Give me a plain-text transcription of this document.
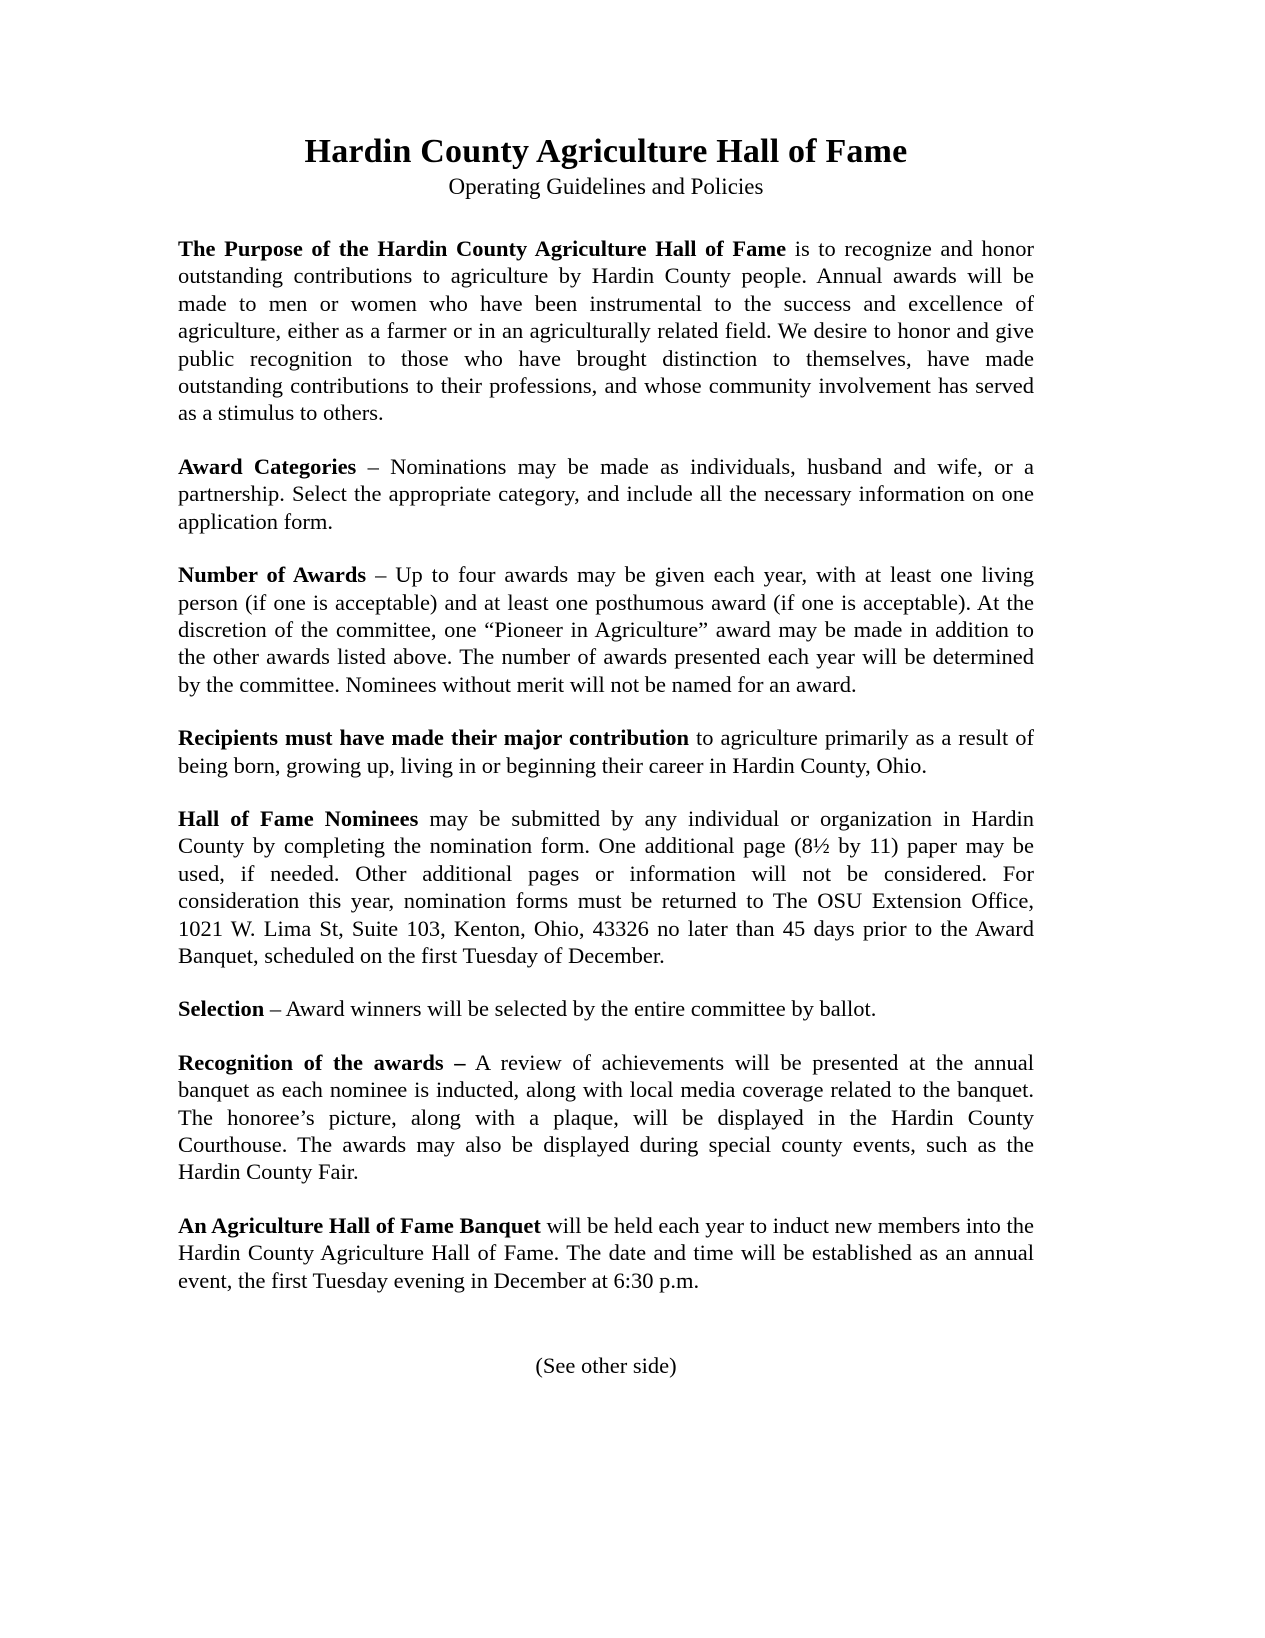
Hardin County Agriculture Hall of Fame
Operating Guidelines and Policies

The Purpose of the Hardin County Agriculture Hall of Fame is to recognize and honor outstanding contributions to agriculture by Hardin County people. Annual awards will be made to men or women who have been instrumental to the success and excellence of agriculture, either as a farmer or in an agriculturally related field. We desire to honor and give public recognition to those who have brought distinction to themselves, have made outstanding contributions to their professions, and whose community involvement has served as a stimulus to others.

Award Categories – Nominations may be made as individuals, husband and wife, or a partnership. Select the appropriate category, and include all the necessary information on one application form.

Number of Awards – Up to four awards may be given each year, with at least one living person (if one is acceptable) and at least one posthumous award (if one is acceptable). At the discretion of the committee, one “Pioneer in Agriculture” award may be made in addition to the other awards listed above. The number of awards presented each year will be determined by the committee. Nominees without merit will not be named for an award.

Recipients must have made their major contribution to agriculture primarily as a result of being born, growing up, living in or beginning their career in Hardin County, Ohio.

Hall of Fame Nominees may be submitted by any individual or organization in Hardin County by completing the nomination form. One additional page (8½ by 11) paper may be used, if needed. Other additional pages or information will not be considered. For consideration this year, nomination forms must be returned to The OSU Extension Office, 1021 W. Lima St, Suite 103, Kenton, Ohio, 43326 no later than 45 days prior to the Award Banquet, scheduled on the first Tuesday of December.

Selection – Award winners will be selected by the entire committee by ballot.

Recognition of the awards – A review of achievements will be presented at the annual banquet as each nominee is inducted, along with local media coverage related to the banquet. The honoree’s picture, along with a plaque, will be displayed in the Hardin County Courthouse. The awards may also be displayed during special county events, such as the Hardin County Fair.

An Agriculture Hall of Fame Banquet will be held each year to induct new members into the Hardin County Agriculture Hall of Fame. The date and time will be established as an annual event, the first Tuesday evening in December at 6:30 p.m.

(See other side)
